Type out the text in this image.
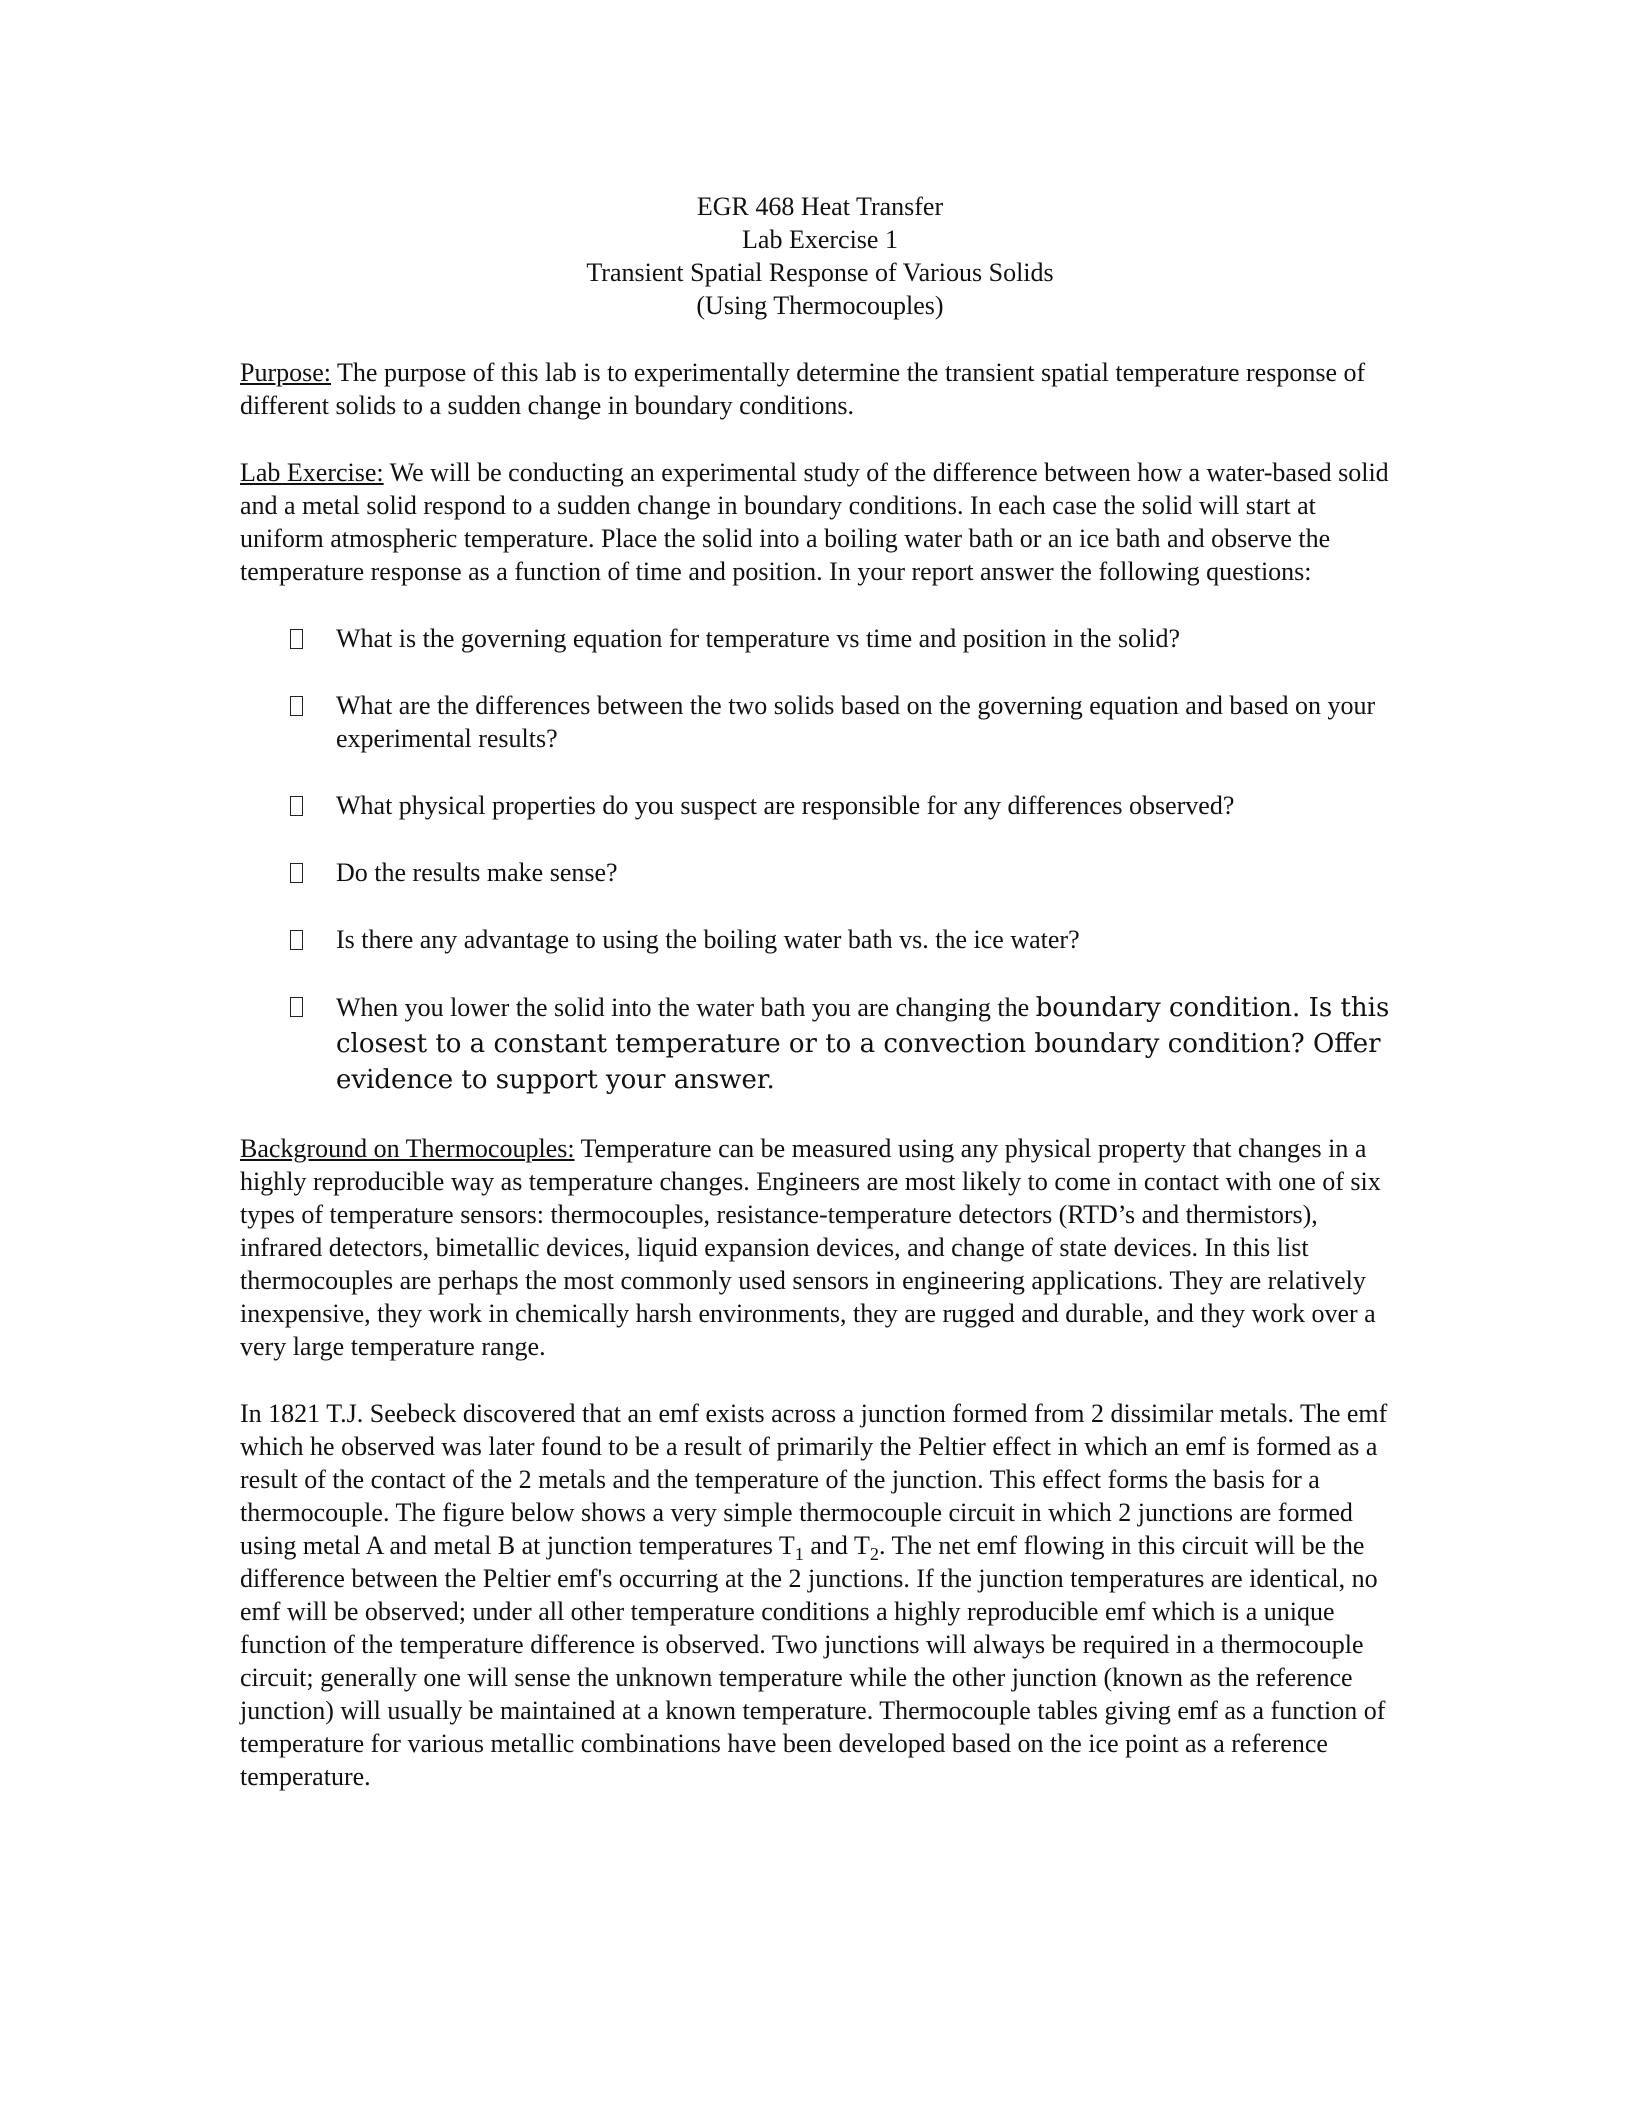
EGR 468 Heat Transfer
Lab Exercise 1
Transient Spatial Response of Various Solids
(Using Thermocouples)

Purpose: The purpose of this lab is to experimentally determine the transient spatial temperature response of different solids to a sudden change in boundary conditions.

Lab Exercise: We will be conducting an experimental study of the difference between how a water-based solid and a metal solid respond to a sudden change in boundary conditions. In each case the solid will start at uniform atmospheric temperature. Place the solid into a boiling water bath or an ice bath and observe the temperature response as a function of time and position. In your report answer the following questions:

What is the governing equation for temperature vs time and position in the solid?
What are the differences between the two solids based on the governing equation and based on your experimental results?
What physical properties do you suspect are responsible for any differences observed?
Do the results make sense?
Is there any advantage to using the boiling water bath vs. the ice water?
When you lower the solid into the water bath you are changing the boundary condition. Is this closest to a constant temperature or to a convection boundary condition? Offer evidence to support your answer.

Background on Thermocouples: Temperature can be measured using any physical property that changes in a highly reproducible way as temperature changes. Engineers are most likely to come in contact with one of six types of temperature sensors: thermocouples, resistance-temperature detectors (RTD’s and thermistors), infrared detectors, bimetallic devices, liquid expansion devices, and change of state devices. In this list thermocouples are perhaps the most commonly used sensors in engineering applications. They are relatively inexpensive, they work in chemically harsh environments, they are rugged and durable, and they work over a very large temperature range.

In 1821 T.J. Seebeck discovered that an emf exists across a junction formed from 2 dissimilar metals. The emf which he observed was later found to be a result of primarily the Peltier effect in which an emf is formed as a result of the contact of the 2 metals and the temperature of the junction. This effect forms the basis for a thermocouple. The figure below shows a very simple thermocouple circuit in which 2 junctions are formed using metal A and metal B at junction temperatures $T_1$ and $T_2$. The net emf flowing in this circuit will be the difference between the Peltier emf's occurring at the 2 junctions. If the junction temperatures are identical, no emf will be observed; under all other temperature conditions a highly reproducible emf which is a unique function of the temperature difference is observed. Two junctions will always be required in a thermocouple circuit; generally one will sense the unknown temperature while the other junction (known as the reference junction) will usually be maintained at a known temperature. Thermocouple tables giving emf as a function of temperature for various metallic combinations have been developed based on the ice point as a reference temperature.
